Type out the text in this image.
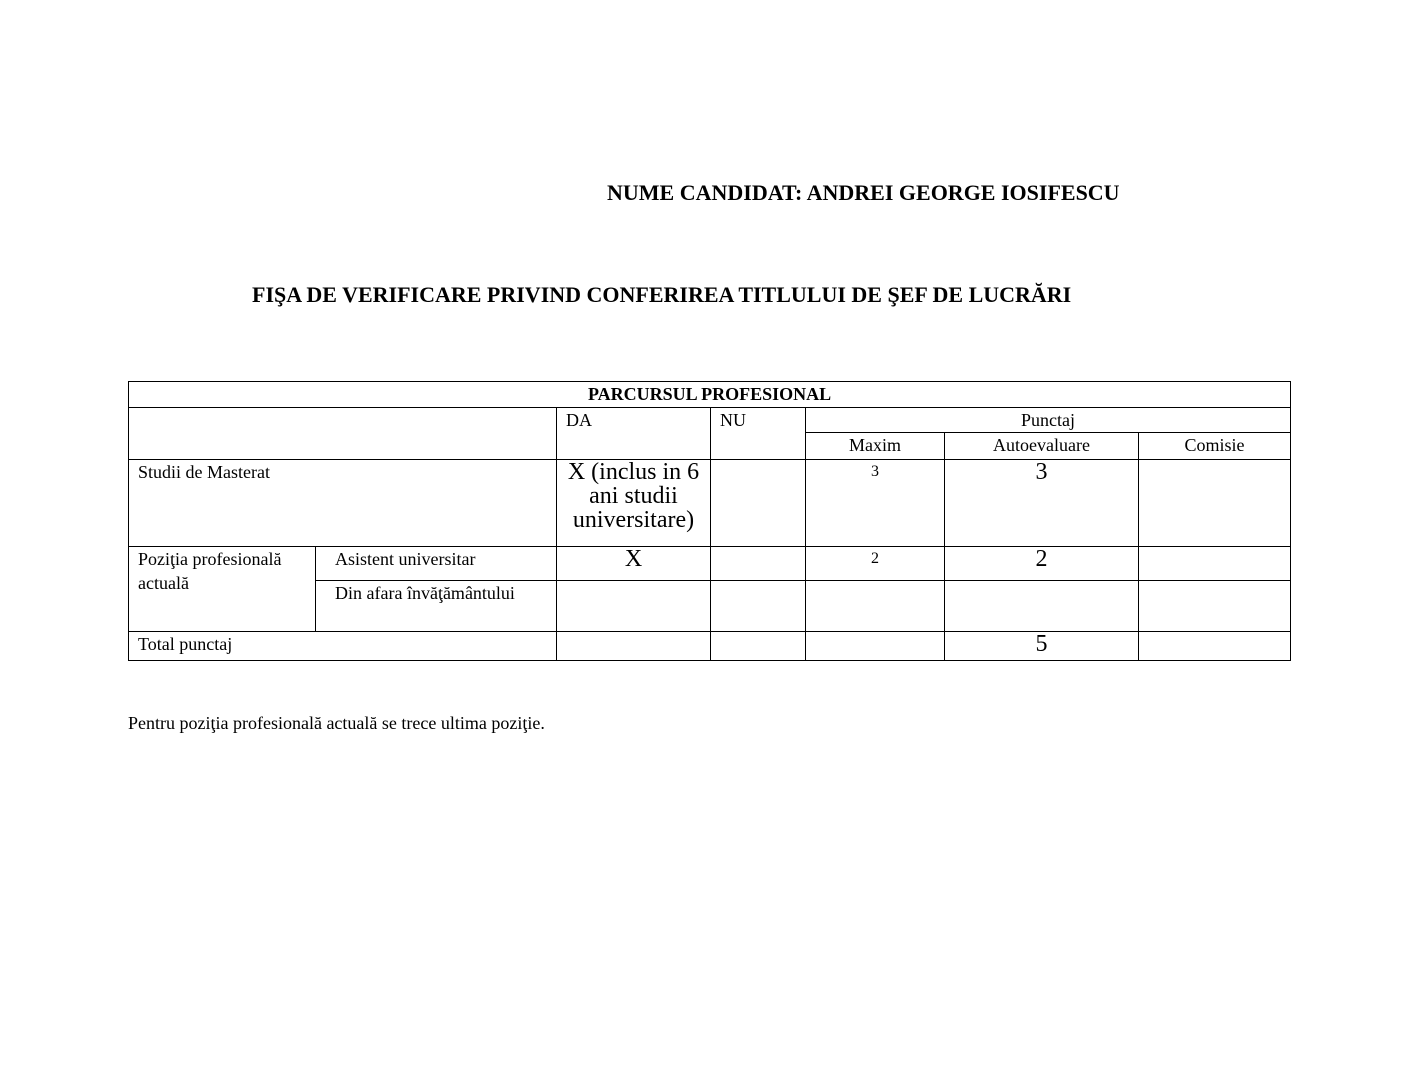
NUME CANDIDAT: ANDREI GEORGE IOSIFESCU
FIŞA DE VERIFICARE PRIVIND CONFERIREA TITLULUI DE ŞEF DE LUCRĂRI
PARCURSUL PROFESIONAL						
		DA	NU	Punctaj		
				Maxim	Autoevaluare	Comisie
Studii de Masterat		X (inclus in 6 ani studii universitare)		3	3	
Poziţia profesională actuală	Asistent universitar	X		2	2	
	Din afara învăţământului					
Total punctaj					5	
Pentru poziţia profesională actuală se trece ultima poziţie.
